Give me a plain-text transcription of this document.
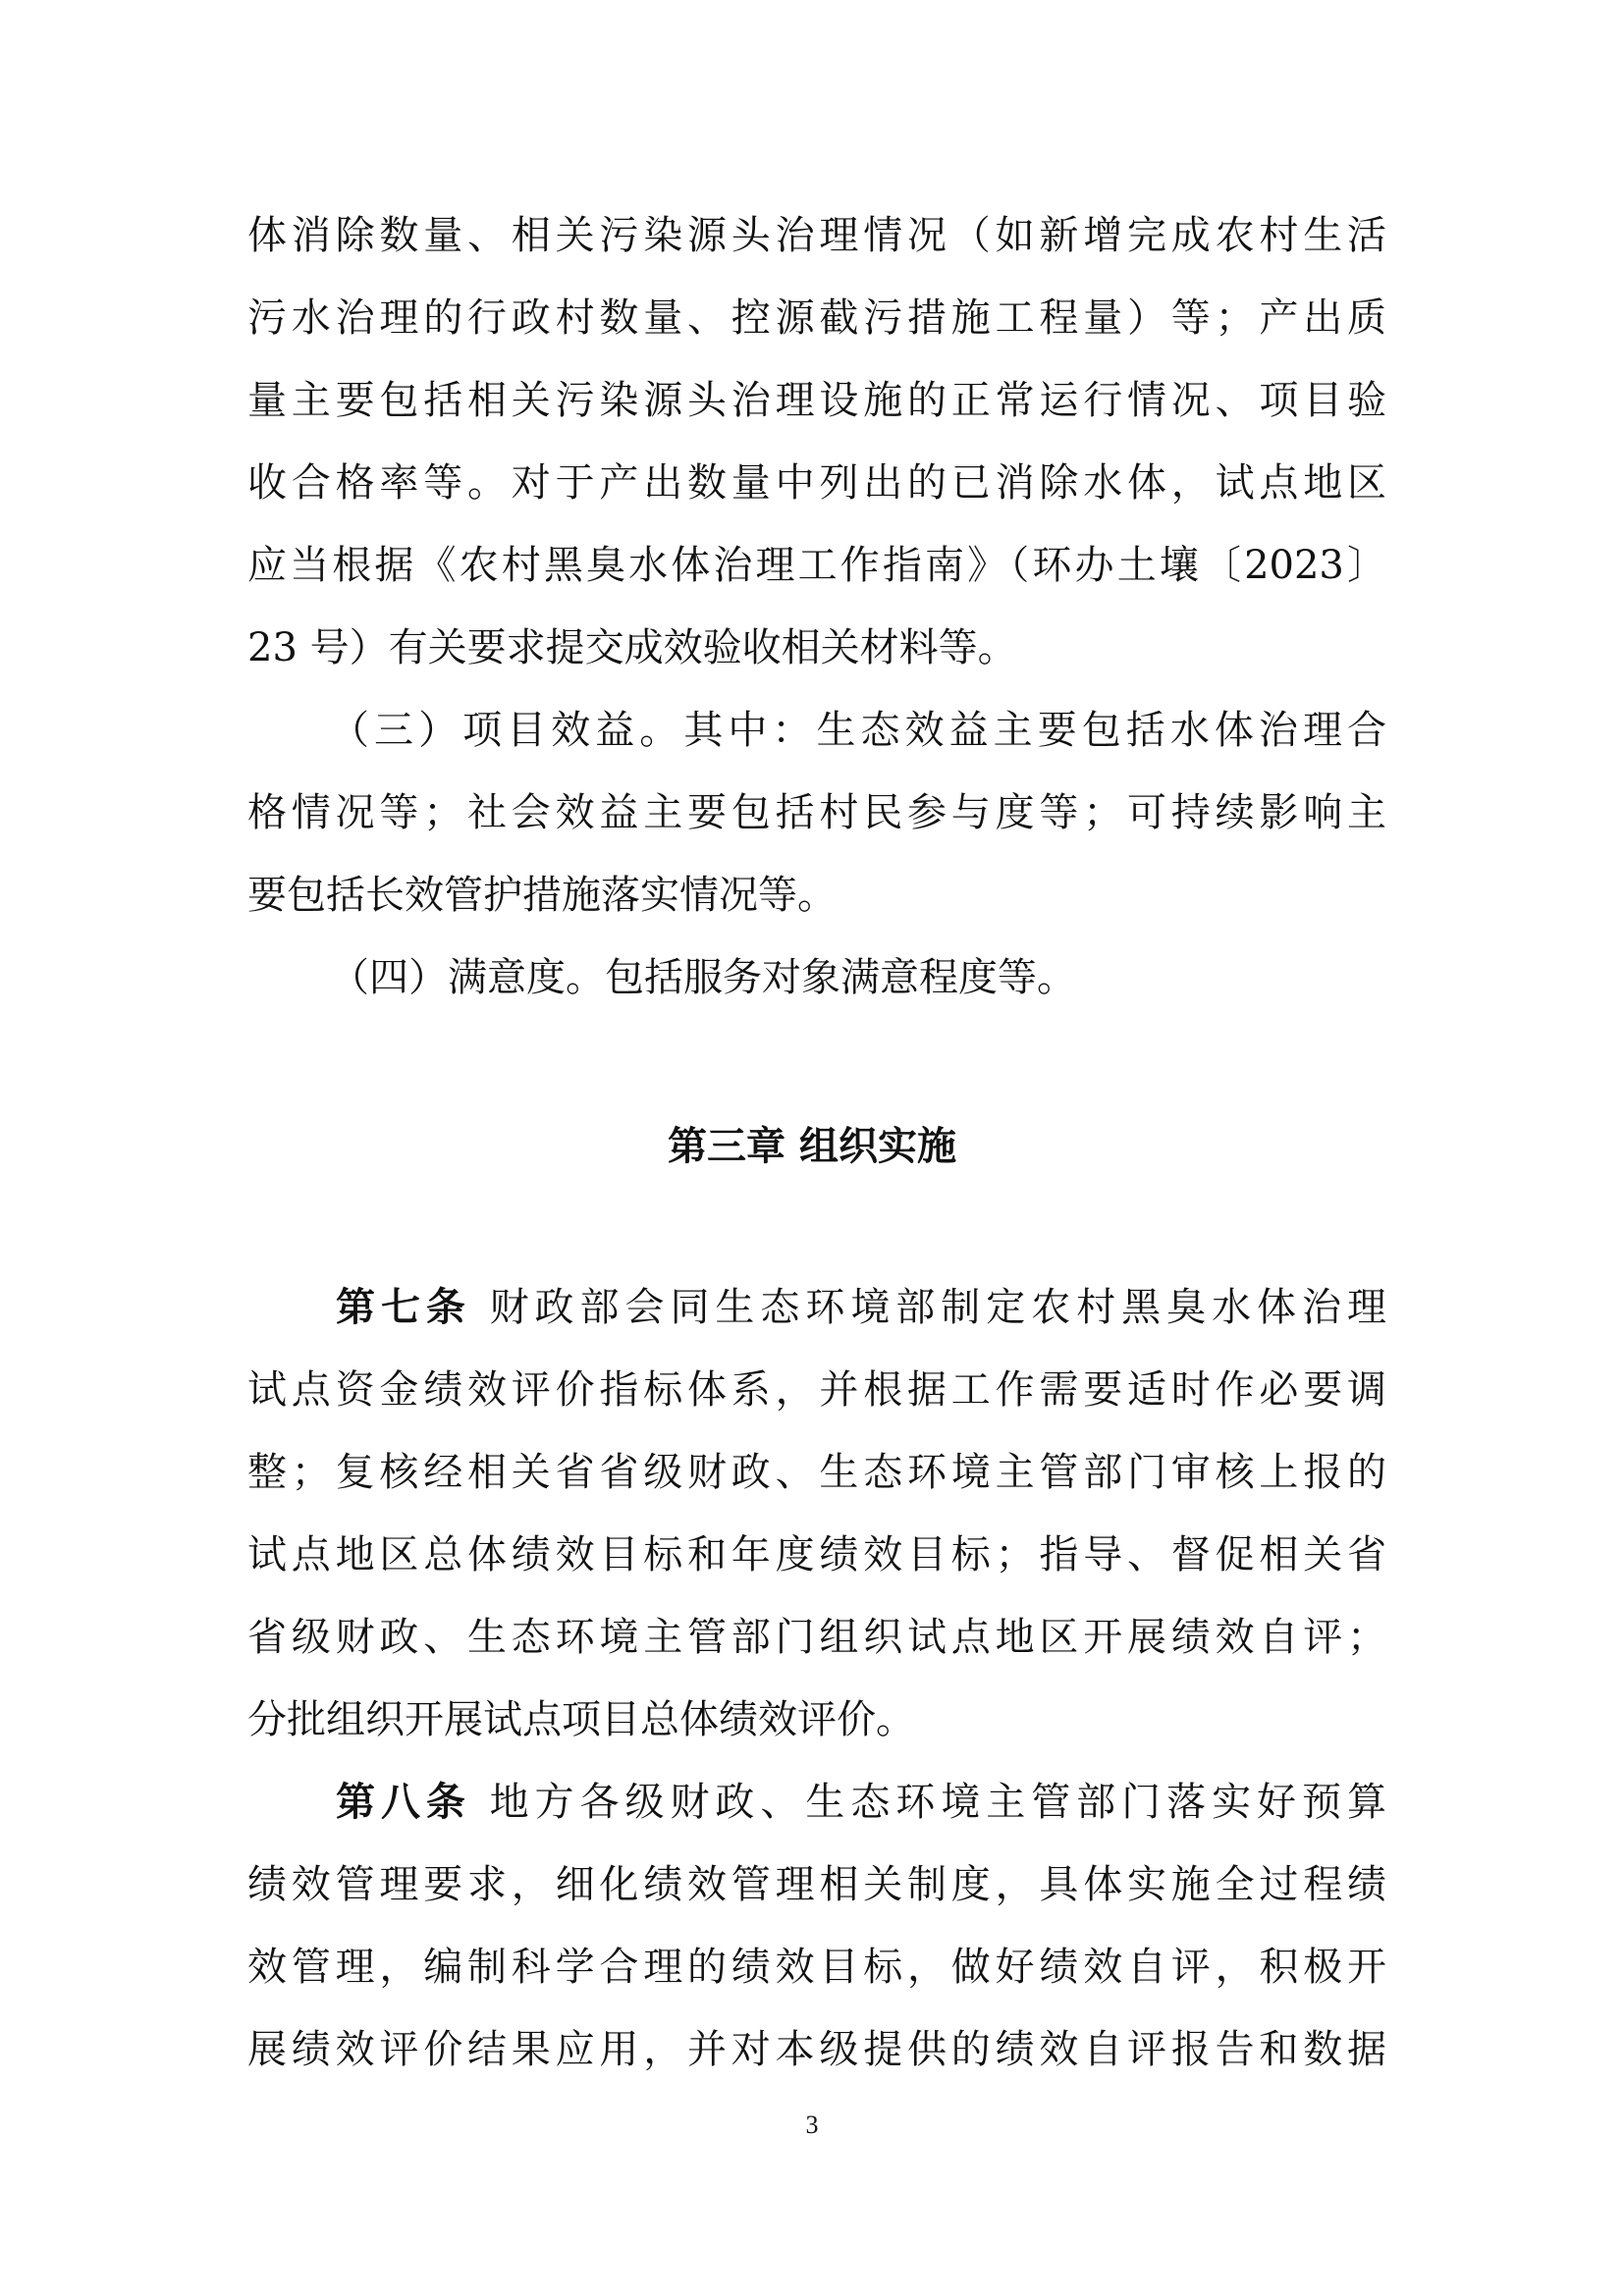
体消除数量、相关污染源头治理情况（如新增完成农村生活
污水治理的行政村数量、控源截污措施工程量）等；产出质
量主要包括相关污染源头治理设施的正常运行情况、项目验
收合格率等。对于产出数量中列出的已消除水体，试点地区
应当根据《农村黑臭水体治理工作指南》（环办土壤〔2023〕
23 号）有关要求提交成效验收相关材料等。
（三）项目效益。其中：生态效益主要包括水体治理合
格情况等；社会效益主要包括村民参与度等；可持续影响主
要包括长效管护措施落实情况等。
（四）满意度。包括服务对象满意程度等。
第三章 组织实施
第七条 财政部会同生态环境部制定农村黑臭水体治理
试点资金绩效评价指标体系，并根据工作需要适时作必要调
整；复核经相关省省级财政、生态环境主管部门审核上报的
试点地区总体绩效目标和年度绩效目标；指导、督促相关省
省级财政、生态环境主管部门组织试点地区开展绩效自评；
分批组织开展试点项目总体绩效评价。
第八条 地方各级财政、生态环境主管部门落实好预算
绩效管理要求，细化绩效管理相关制度，具体实施全过程绩
效管理，编制科学合理的绩效目标，做好绩效自评，积极开
展绩效评价结果应用，并对本级提供的绩效自评报告和数据
3
